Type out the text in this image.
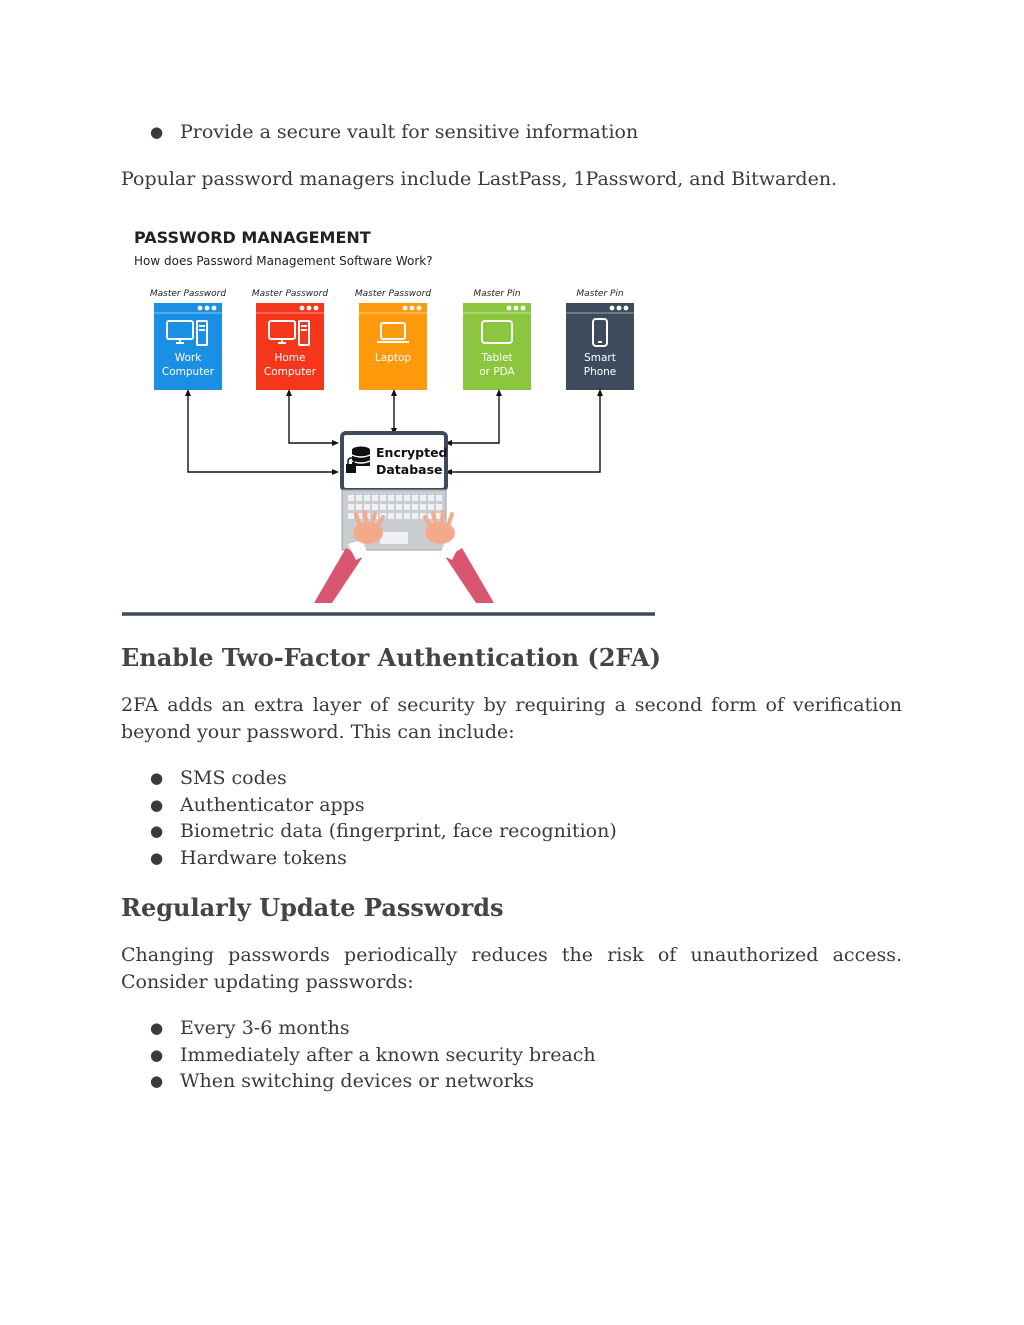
● Provide a secure vault for sensitive information

Popular password managers include LastPass, 1Password, and Bitwarden.

PASSWORD MANAGEMENT
How does Password Management Software Work?
Master Password
Work
Computer
Master Password
Home
Computer
Master Password
Laptop
Master Pin
Tablet
or PDA
Master Pin
Smart
Phone
Encrypted
Database
Enable Two-Factor Authentication (2FA)

2FA adds an extra layer of security by requiring a second form of verification beyond your password. This can include:

● SMS codes
● Authenticator apps
● Biometric data (fingerprint, face recognition)
● Hardware tokens
Regularly Update Passwords

Changing passwords periodically reduces the risk of unauthorized access. Consider updating passwords:

● Every 3-6 months
● Immediately after a known security breach
● When switching devices or networks
